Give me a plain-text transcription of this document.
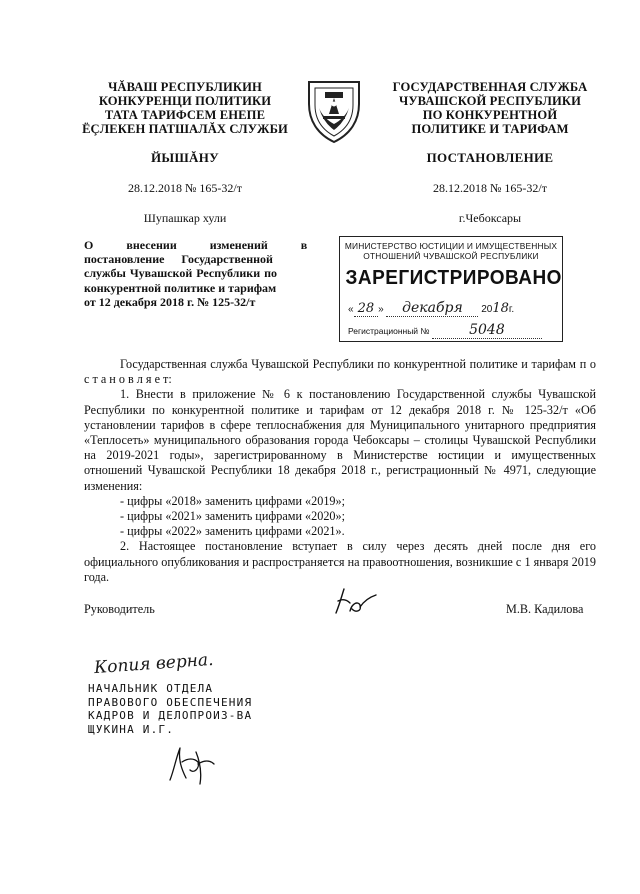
ЧĂВАШ РЕСПУБЛИКИН
КОНКУРЕНЦИ ПОЛИТИКИ
ТАТА ТАРИФСЕМ ЕНЕПЕ
ЁÇЛЕКЕН ПАТШАЛĂХ СЛУЖБИ
ГОСУДАРСТВЕННАЯ СЛУЖБА
ЧУВАШСКОЙ РЕСПУБЛИКИ
ПО КОНКУРЕНТНОЙ
ПОЛИТИКЕ И ТАРИФАМ
ЙЫШĂНУ	ПОСТАНОВЛЕНИЕ
28.12.2018 № 165-32/т	28.12.2018 № 165-32/т
Шупашкар хули	г.Чебоксары
О внесении изменений в
постановление Государственной
службы Чувашской Республики по
конкурентной политике и тарифам
от 12 декабря 2018 г. № 125-32/т
МИНИСТЕРСТВО ЮСТИЦИИ И ИМУЩЕСТВЕННЫХ
ОТНОШЕНИЙ ЧУВАШСКОЙ РЕСПУБЛИКИ
ЗАРЕГИСТРИРОВАНО
« 28 » декабря 2018г.
Регистрационный №	5048

Государственная служба Чувашской Республики по конкурентной политике и тарифам п о с т а н о в л я е т:

1. Внести в приложение № 6 к постановлению Государственной службы Чувашской Республики по конкурентной политике и тарифам от 12 декабря 2018 г. № 125-32/т «Об установлении тарифов в сфере теплоснабжения для Муниципального унитарного предприятия «Теплосеть» муниципального образования города Чебоксары – столицы Чувашской Республики на 2019-2021 годы», зарегистрированному в Министерстве юстиции и имущественных отношений Чувашской Республики 18 декабря 2018 г., регистрационный № 4971, следующие изменения:

- цифры «2018» заменить цифрами «2019»;

- цифры «2021» заменить цифрами «2020»;

- цифры «2022» заменить цифрами «2021».

2. Настоящее постановление вступает в силу через десять дней после дня его официального опубликования и распространяется на правоотношения, возникшие с 1 января 2019 года.

Руководитель	М.В. Кадилова
Копия верна.
НАЧАЛЬНИК ОТДЕЛА
ПРАВОВОГО ОБЕСПЕЧЕНИЯ
КАДРОВ И ДЕЛОПРОИЗ-ВА
ЩУКИНА И.Г.
